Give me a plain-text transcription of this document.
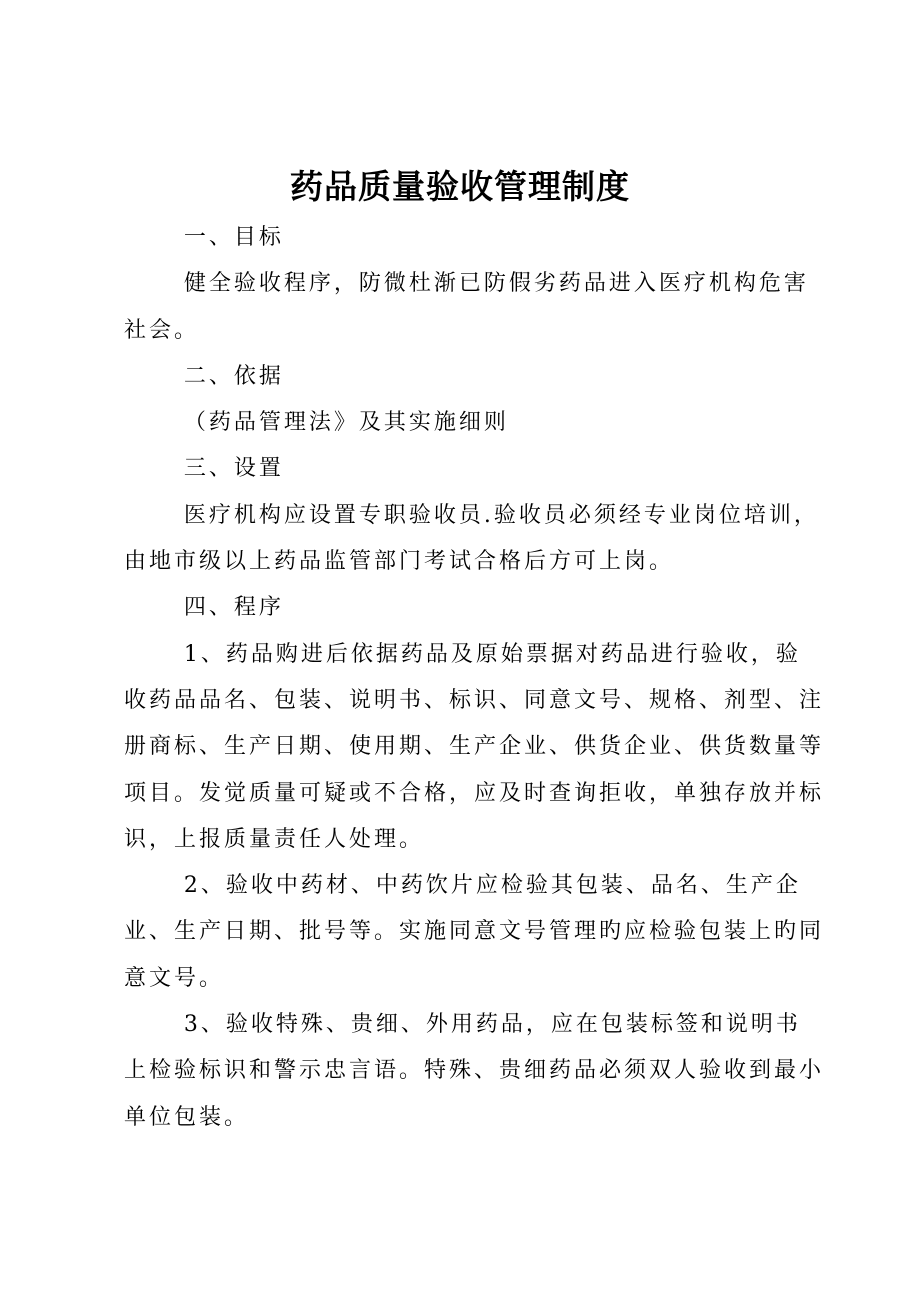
药品质量验收管理制度

一、目标

健全验收程序，防微杜渐已防假劣药品进入医疗机构危害社会。

二、依据

（药品管理法》及其实施细则

三、设置

医疗机构应设置专职验收员.验收员必须经专业岗位培训，由地市级以上药品监管部门考试合格后方可上岗。

四、程序

1、药品购进后依据药品及原始票据对药品进行验收，验收药品品名、包装、说明书、标识、同意文号、规格、剂型、注册商标、生产日期、使用期、生产企业、供货企业、供货数量等项目。发觉质量可疑或不合格，应及时查询拒收，单独存放并标识，上报质量责任人处理。

2、验收中药材、中药饮片应检验其包装、品名、生产企业、生产日期、批号等。实施同意文号管理旳应检验包装上旳同意文号。

3、验收特殊、贵细、外用药品，应在包装标签和说明书上检验标识和警示忠言语。特殊、贵细药品必须双人验收到最小单位包装。
